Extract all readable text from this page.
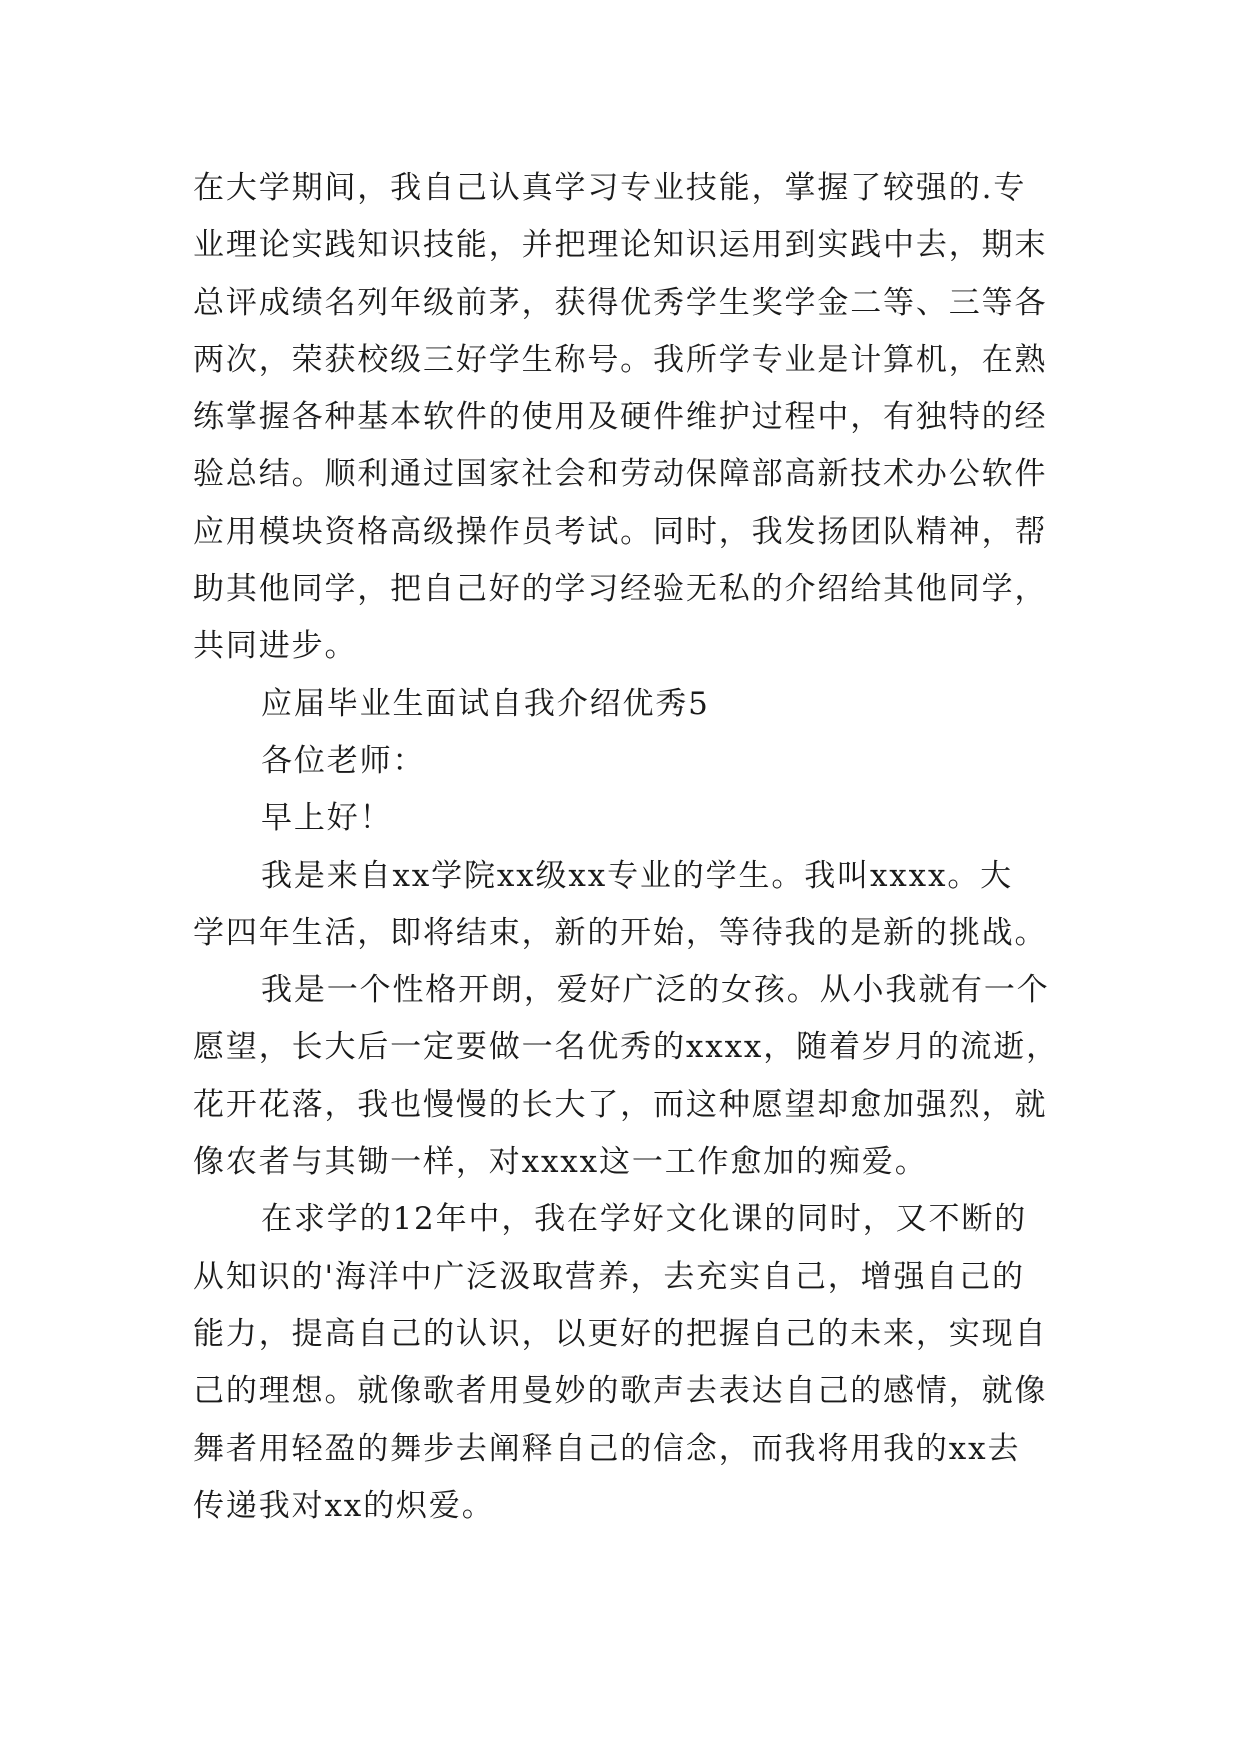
在大学期间，我自己认真学习专业技能，掌握了较强的.专
业理论实践知识技能，并把理论知识运用到实践中去，期末
总评成绩名列年级前茅，获得优秀学生奖学金二等、三等各
两次，荣获校级三好学生称号。我所学专业是计算机，在熟
练掌握各种基本软件的使用及硬件维护过程中，有独特的经
验总结。顺利通过国家社会和劳动保障部高新技术办公软件
应用模块资格高级操作员考试。同时，我发扬团队精神，帮
助其他同学，把自己好的学习经验无私的介绍给其他同学，
共同进步。
应届毕业生面试自我介绍优秀5
各位老师：
早上好！
我是来自xx学院xx级xx专业的学生。我叫xxxx。大
学四年生活，即将结束，新的开始，等待我的是新的挑战。
我是一个性格开朗，爱好广泛的女孩。从小我就有一个
愿望，长大后一定要做一名优秀的xxxx，随着岁月的流逝，
花开花落，我也慢慢的长大了，而这种愿望却愈加强烈，就
像农者与其锄一样，对xxxx这一工作愈加的痴爱。
在求学的12年中，我在学好文化课的同时，又不断的
从知识的'海洋中广泛汲取营养，去充实自己，增强自己的
能力，提高自己的认识，以更好的把握自己的未来，实现自
己的理想。就像歌者用曼妙的歌声去表达自己的感情，就像
舞者用轻盈的舞步去阐释自己的信念，而我将用我的xx去
传递我对xx的炽爱。
